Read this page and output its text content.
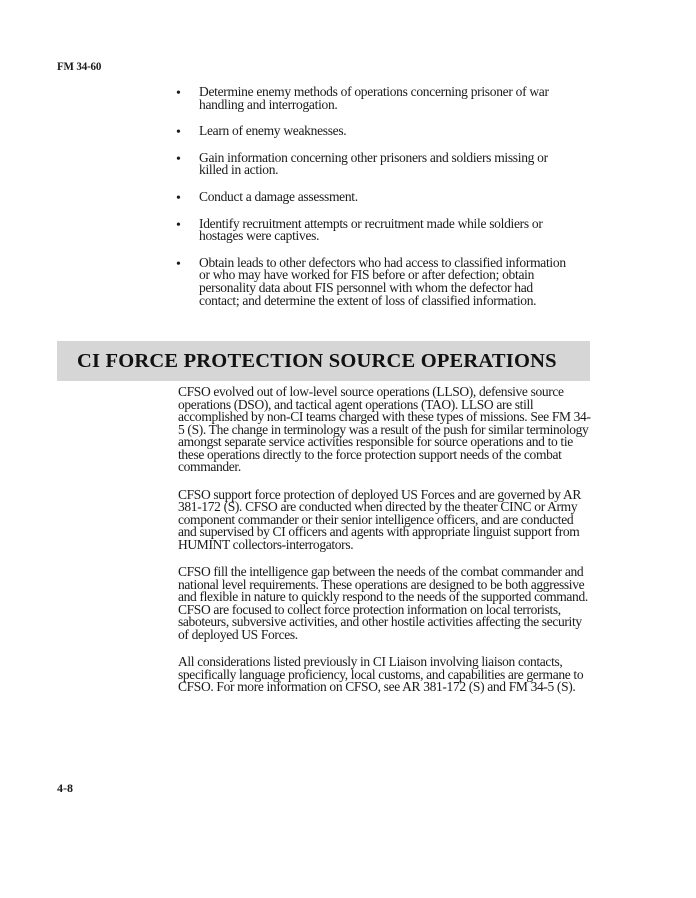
FM 34-60
• Determine enemy methods of operations concerning prisoner of war handling and interrogation.
• Learn of enemy weaknesses.
• Gain information concerning other prisoners and soldiers missing or killed in action.
• Conduct a damage assessment.
• Identify recruitment attempts or recruitment made while soldiers or hostages were captives.
• Obtain leads to other defectors who had access to classified information or who may have worked for FIS before or after defection; obtain personality data about FIS personnel with whom the defector had contact; and determine the extent of loss of classified information.
CI FORCE PROTECTION SOURCE OPERATIONS

CFSO evolved out of low-level source operations (LLSO), defensive source operations (DSO), and tactical agent operations (TAO). LLSO are still accomplished by non-CI teams charged with these types of missions. See FM 34-5 (S). The change in terminology was a result of the push for similar terminology amongst separate service activities responsible for source operations and to tie these operations directly to the force protection support needs of the combat commander.

CFSO support force protection of deployed US Forces and are governed by AR 381-172 (S). CFSO are conducted when directed by the theater CINC or Army component commander or their senior intelligence officers, and are conducted and supervised by CI officers and agents with appropriate linguist support from HUMINT collectors-interrogators.

CFSO fill the intelligence gap between the needs of the combat commander and national level requirements. These operations are designed to be both aggressive and flexible in nature to quickly respond to the needs of the supported command. CFSO are focused to collect force protection information on local terrorists, saboteurs, subversive activities, and other hostile activities affecting the security of deployed US Forces.

All considerations listed previously in CI Liaison involving liaison contacts, specifically language proficiency, local customs, and capabilities are germane to CFSO. For more information on CFSO, see AR 381-172 (S) and FM 34-5 (S).

4-8
